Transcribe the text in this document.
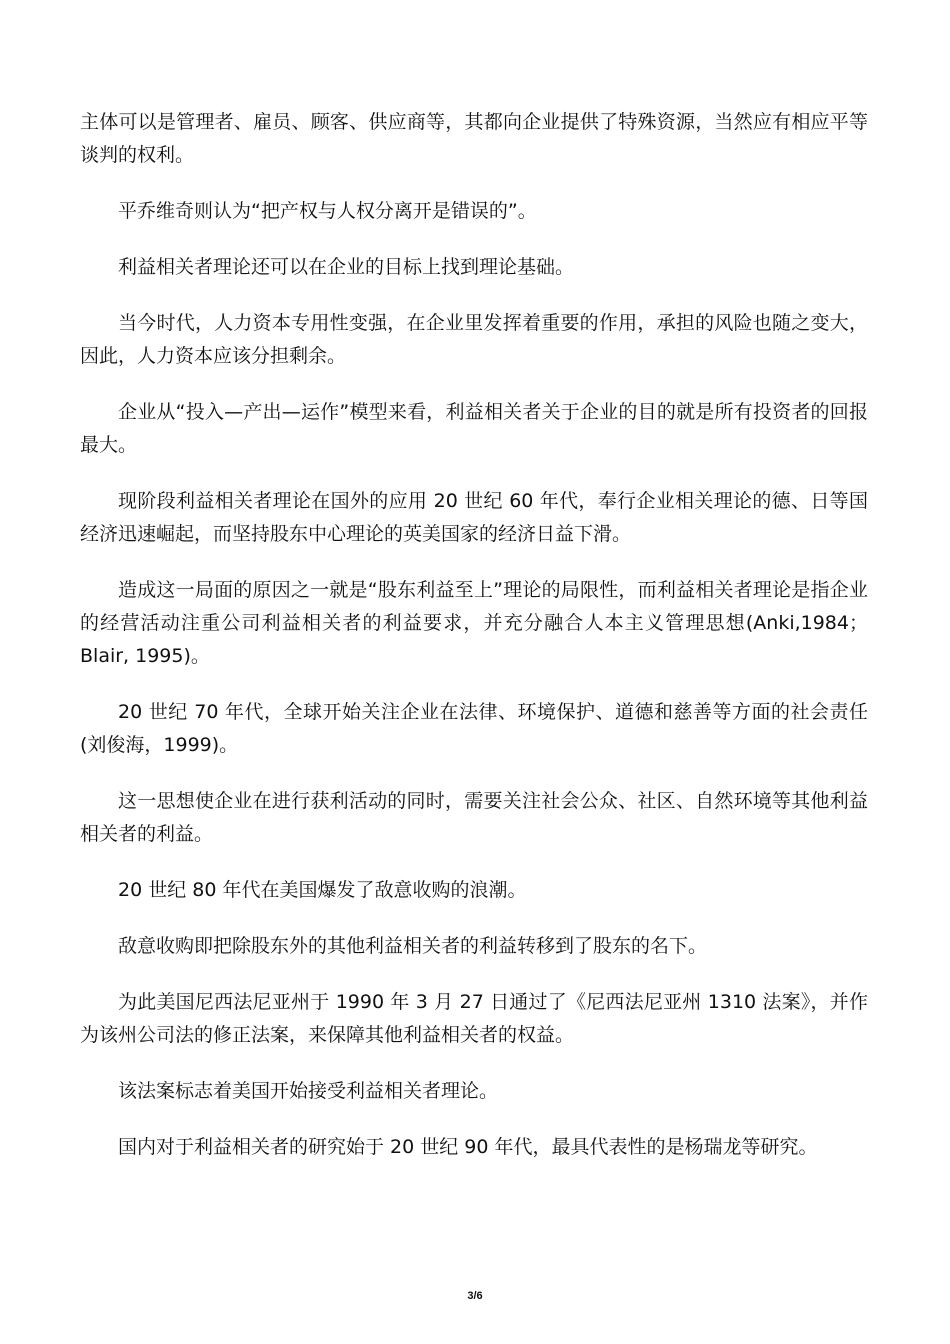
主体可以是管理者、雇员、顾客、供应商等，其都向企业提供了特殊资源，当然应有相应平等谈判的权利。

平乔维奇则认为“把产权与人权分离开是错误的”。

利益相关者理论还可以在企业的目标上找到理论基础。

当今时代，人力资本专用性变强，在企业里发挥着重要的作用，承担的风险也随之变大，因此，人力资本应该分担剩余。

企业从“投入—产出—运作”模型来看，利益相关者关于企业的目的就是所有投资者的回报最大。

现阶段利益相关者理论在国外的应用 20 世纪 60 年代，奉行企业相关理论的德、日等国经济迅速崛起，而坚持股东中心理论的英美国家的经济日益下滑。

造成这一局面的原因之一就是“股东利益至上”理论的局限性，而利益相关者理论是指企业的经营活动注重公司利益相关者的利益要求，并充分融合人本主义管理思想(Anki,1984；Blair, 1995)。

20 世纪 70 年代，全球开始关注企业在法律、环境保护、道德和慈善等方面的社会责任(刘俊海，1999)。

这一思想使企业在进行获利活动的同时，需要关注社会公众、社区、自然环境等其他利益相关者的利益。

20 世纪 80 年代在美国爆发了敌意收购的浪潮。

敌意收购即把除股东外的其他利益相关者的利益转移到了股东的名下。

为此美国尼西法尼亚州于 1990 年 3 月 27 日通过了《尼西法尼亚州 1310 法案》，并作为该州公司法的修正法案，来保障其他利益相关者的权益。

该法案标志着美国开始接受利益相关者理论。

国内对于利益相关者的研究始于 20 世纪 90 年代，最具代表性的是杨瑞龙等研究。

3/6
